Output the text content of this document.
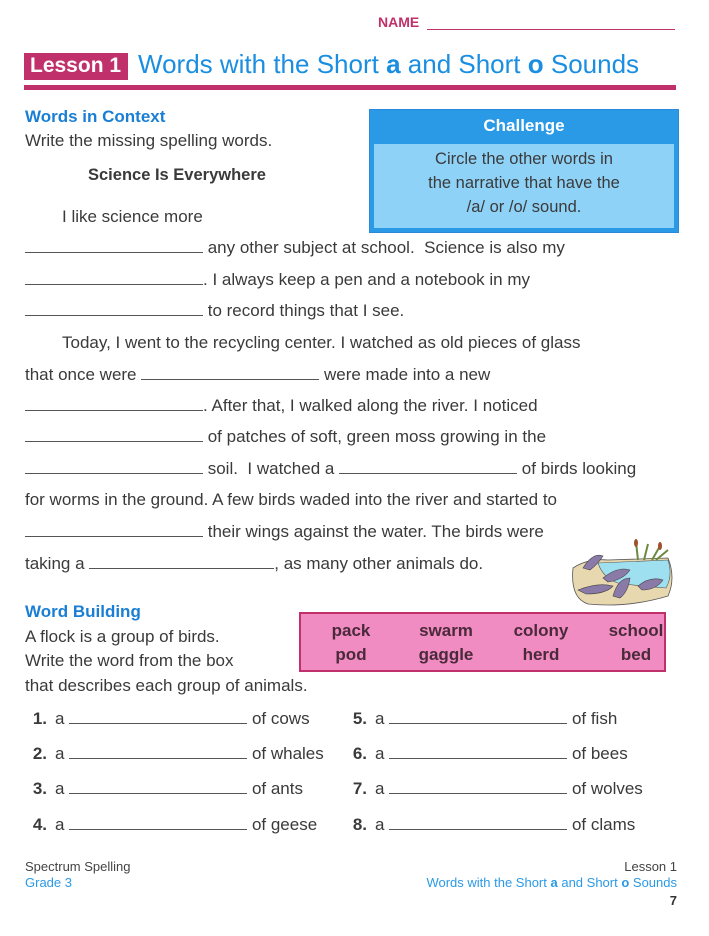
NAME
Lesson 1 Words with the Short a and Short o Sounds
Words in Context
Write the missing spelling words.
Science Is Everywhere
Challenge
Circle the other words in
the narrative that have the
/a/ or /o/ sound.
I like science more
any other subject at school.  Science is also my
. I always keep a pen and a notebook in my
to record things that I see.
Today, I went to the recycling center. I watched as old pieces of glass
that once were	were made into a new
. After that, I walked along the river. I noticed
of patches of soft, green moss growing in the
soil.  I watched a	of birds looking
for worms in the ground. A few birds waded into the river and started to
their wings against the water. The birds were
taking a	, as many other animals do.
Word Building
A flock is a group of birds.
Write the word from the box
that describes each group of animals.
pack	swarm	colony	school
pod	gaggle	herd	bed
1. a	of cows
2. a	of whales
3. a	of ants
4. a	of geese
5. a	of fish
6. a	of bees
7. a	of wolves
8. a	of clams
Spectrum Spelling
Grade 3
Lesson 1
Words with the Short a and Short o Sounds
7
